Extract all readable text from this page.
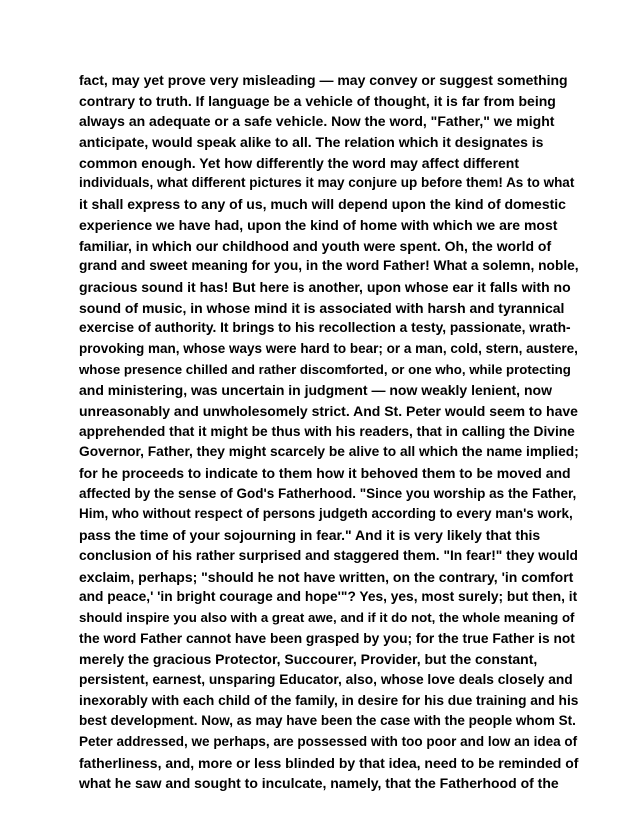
fact, may yet prove very misleading — may convey or suggest something
contrary to truth. If language be a vehicle of thought, it is far from being
always an adequate or a safe vehicle. Now the word, "Father," we might
anticipate, would speak alike to all. The relation which it designates is
common enough. Yet how differently the word may affect different
individuals, what different pictures it may conjure up before them! As to what
it shall express to any of us, much will depend upon the kind of domestic
experience we have had, upon the kind of home with which we are most
familiar, in which our childhood and youth were spent. Oh, the world of
grand and sweet meaning for you, in the word Father! What a solemn, noble,
gracious sound it has! But here is another, upon whose ear it falls with no
sound of music, in whose mind it is associated with harsh and tyrannical
exercise of authority. It brings to his recollection a testy, passionate, wrath-
provoking man, whose ways were hard to bear; or a man, cold, stern, austere,
whose presence chilled and rather discomforted, or one who, while protecting
and ministering, was uncertain in judgment — now weakly lenient, now
unreasonably and unwholesomely strict. And St. Peter would seem to have
apprehended that it might be thus with his readers, that in calling the Divine
Governor, Father, they might scarcely be alive to all which the name implied;
for he proceeds to indicate to them how it behoved them to be moved and
affected by the sense of God's Fatherhood. "Since you worship as the Father,
Him, who without respect of persons judgeth according to every man's work,
pass the time of your sojourning in fear." And it is very likely that this
conclusion of his rather surprised and staggered them. "In fear!" they would
exclaim, perhaps; "should he not have written, on the contrary, 'in comfort
and peace,' 'in bright courage and hope'"? Yes, yes, most surely; but then, it
should inspire you also with a great awe, and if it do not, the whole meaning of
the word Father cannot have been grasped by you; for the true Father is not
merely the gracious Protector, Succourer, Provider, but the constant,
persistent, earnest, unsparing Educator, also, whose love deals closely and
inexorably with each child of the family, in desire for his due training and his
best development. Now, as may have been the case with the people whom St.
Peter addressed, we perhaps, are possessed with too poor and low an idea of
fatherliness, and, more or less blinded by that idea, need to be reminded of
what he saw and sought to inculcate, namely, that the Fatherhood of the
